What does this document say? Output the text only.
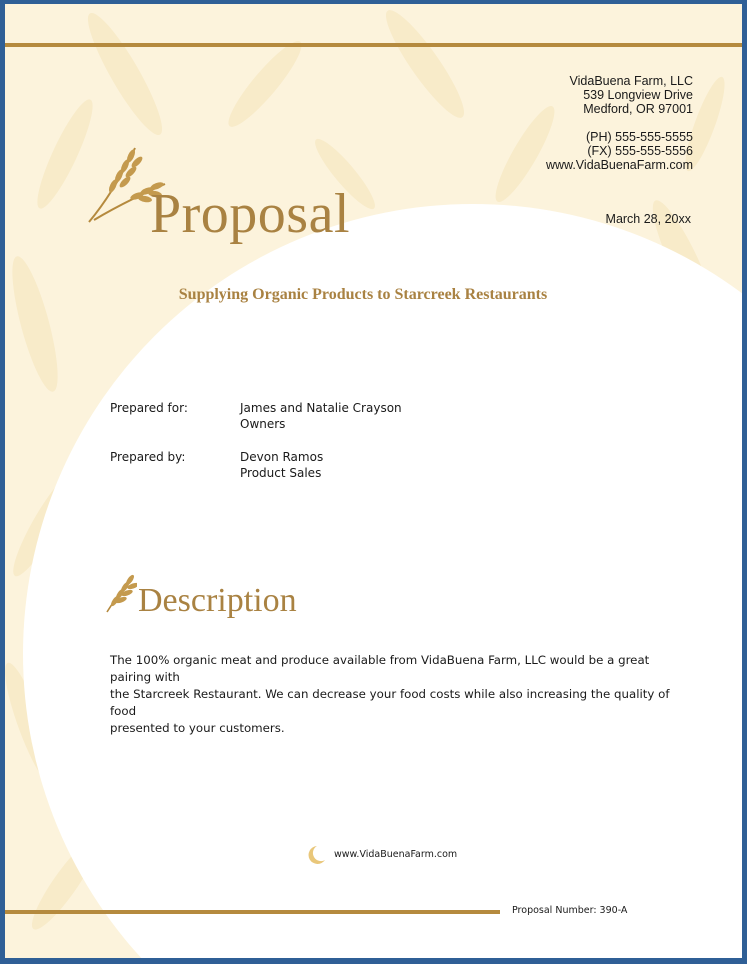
VidaBuena Farm, LLC
539 Longview Drive
Medford, OR 97001
(PH) 555-555-5555
(FX) 555-555-5556
www.VidaBuenaFarm.com
March 28, 20xx
Proposal
Supplying Organic Products to Starcreek Restaurants
Prepared for:	James and Natalie Crayson
Owners
Prepared by:	Devon Ramos
Product Sales
Description
The 100% organic meat and produce available from VidaBuena Farm, LLC would be a great pairing with
the Starcreek Restaurant. We can decrease your food costs while also increasing the quality of food
presented to your customers.
www.VidaBuenaFarm.com
Proposal Number: 390-A
